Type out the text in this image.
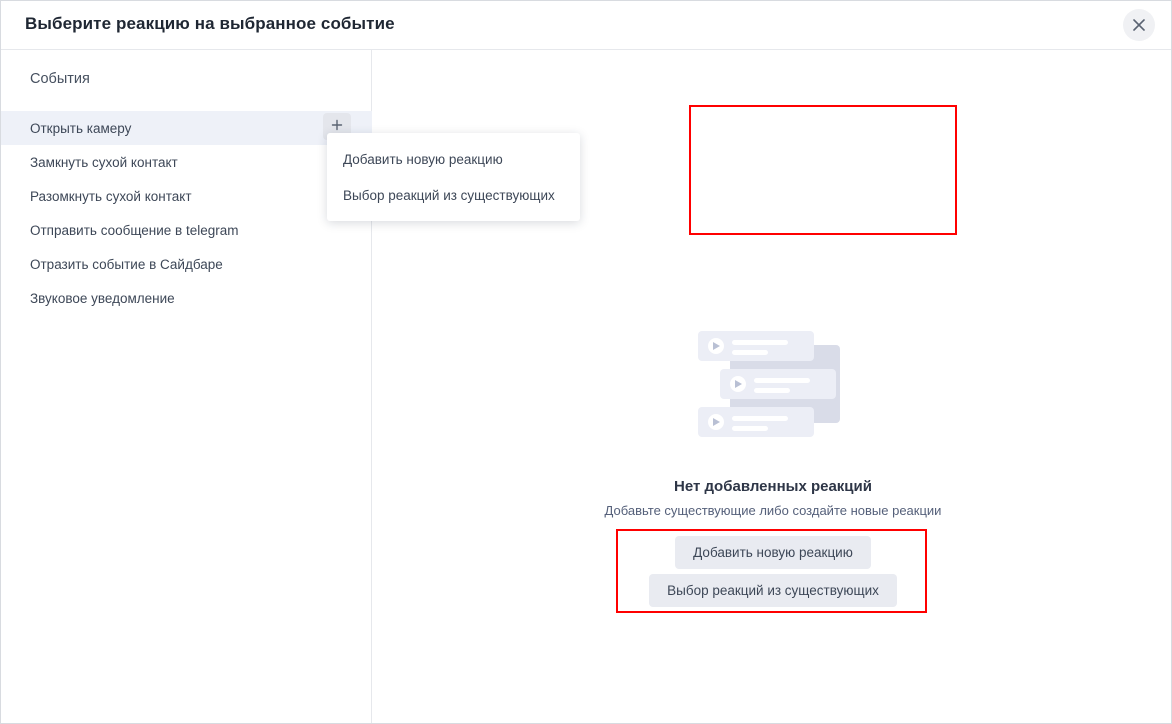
Выберите реакцию на выбранное событие
События
Открыть камеру
Замкнуть сухой контакт
Разомкнуть сухой контакт
Отправить сообщение в telegram
Отразить событие в Сайдбаре
Звуковое уведомление
Нет добавленных реакций
Добавьте существующие либо создайте новые реакции
Добавить новую реакцию
Выбор реакций из существующих
Добавить новую реакцию
Выбор реакций из существующих
